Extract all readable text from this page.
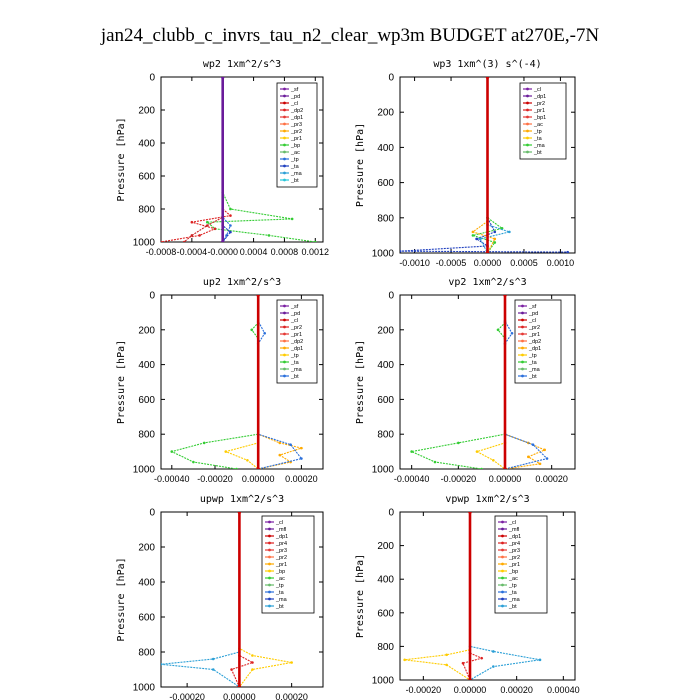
jan24_clubb_c_invrs_tau_n2_clear_wp3m BUDGET at270E,-7N
wp2 1xm^2/s^3
Pressure [hPa]
0
200
400
600
800
1000
-0.0008 -0.0004 -0.0000 0.0004 0.0008 0.0012
_sf
_pd
_cl
_dp2
_dp1
_pr3
_pr2
_pr1
_bp
_ac
_tp
_ta
_ma
_bt
wp3 1xm^(3) s^(-4)
Pressure [hPa]
0
200
400
600
800
1000
-0.0010 -0.0005 0.0000 0.0005 0.0010
_cl
_dp1
_pr2
_pr1
_bp1
_ac
_tp
_ta
_ma
_bt
up2 1xm^2/s^3
Pressure [hPa]
0
200
400
600
800
1000
-0.00040 -0.00020 0.00000 0.00020
_sf
_pd
_cl
_pr2
_pr1
_dp2
_dp1
_tp
_ta
_ma
_bt
vp2 1xm^2/s^3
Pressure [hPa]
0
200
400
600
800
1000
-0.00040 -0.00020 0.00000 0.00020
_sf
_pd
_cl
_pr2
_pr1
_dp2
_dp1
_tp
_ta
_ma
_bt
upwp 1xm^2/s^3
Pressure [hPa]
0
200
400
600
800
1000
-0.00020 0.00000 0.00020
_cl
_mfl
_dp1
_pr4
_pr3
_pr2
_pr1
_bp
_ac
_tp
_ta
_ma
_bt
vpwp 1xm^2/s^3
Pressure [hPa]
0
200
400
600
800
1000
-0.00020 0.00000 0.00020 0.00040
_cl
_mfl
_dp1
_pr4
_pr3
_pr2
_pr1
_bp
_ac
_tp
_ta
_ma
_bt
